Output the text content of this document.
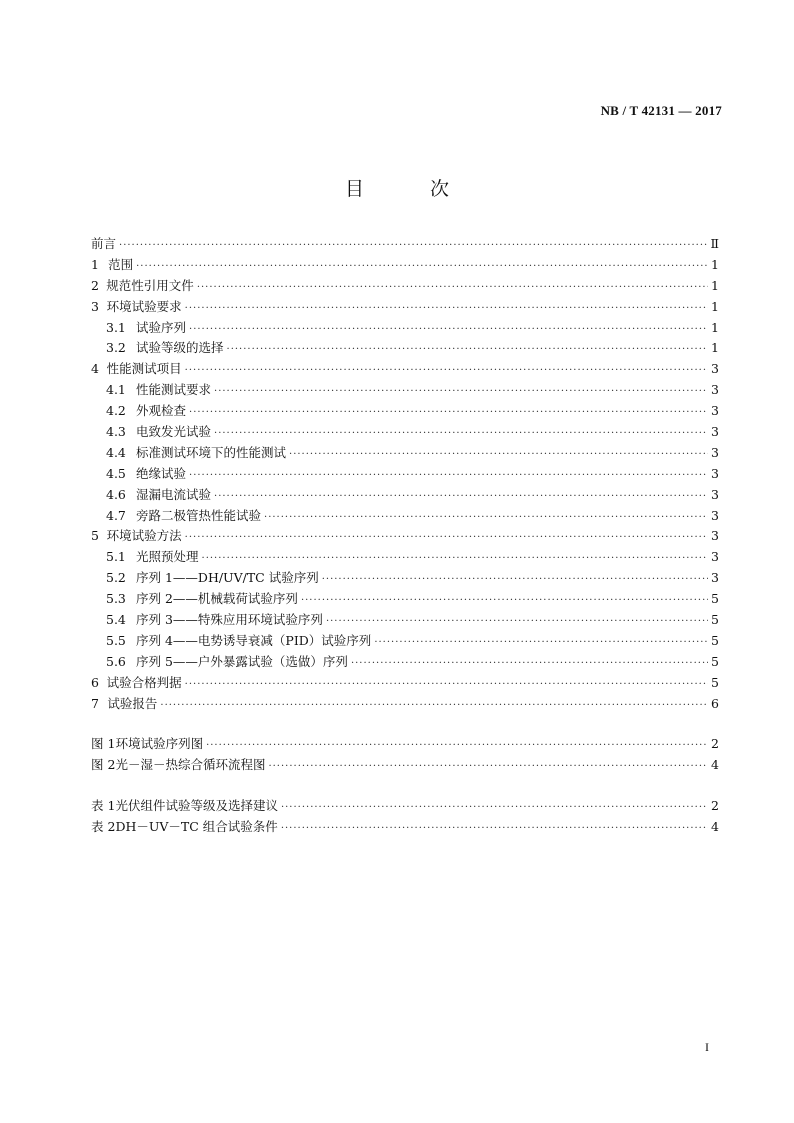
NB / T 42131 — 2017
目 次
前言 ·····	Ⅱ
1 范围 ·····	1
2 规范性引用文件 ·····	1
3 环境试验要求 ·····	1
3.1 试验序列 ·····	1
3.2 试验等级的选择 ·····	1
4 性能测试项目 ·····	3
4.1 性能测试要求 ·····	3
4.2 外观检查 ·····	3
4.3 电致发光试验 ·····	3
4.4 标准测试环境下的性能测试 ·····	3
4.5 绝缘试验 ·····	3
4.6 湿漏电流试验 ·····	3
4.7 旁路二极管热性能试验 ·····	3
5 环境试验方法 ·····	3
5.1 光照预处理 ·····	3
5.2 序列 1——DH/UV/TC 试验序列 ·····	3
5.3 序列 2——机械载荷试验序列 ·····	5
5.4 序列 3——特殊应用环境试验序列 ·····	5
5.5 序列 4——电势诱导衰减（PID）试验序列 ·····	5
5.6 序列 5——户外暴露试验（选做）序列 ·····	5
6 试验合格判据 ·····	5
7 试验报告 ·····	6
图 1 环境试验序列图 ·····	2
图 2 光－湿－热综合循环流程图 ·····	4
表 1 光伏组件试验等级及选择建议 ·····	2
表 2 DH－UV－TC 组合试验条件 ·····	4
I
